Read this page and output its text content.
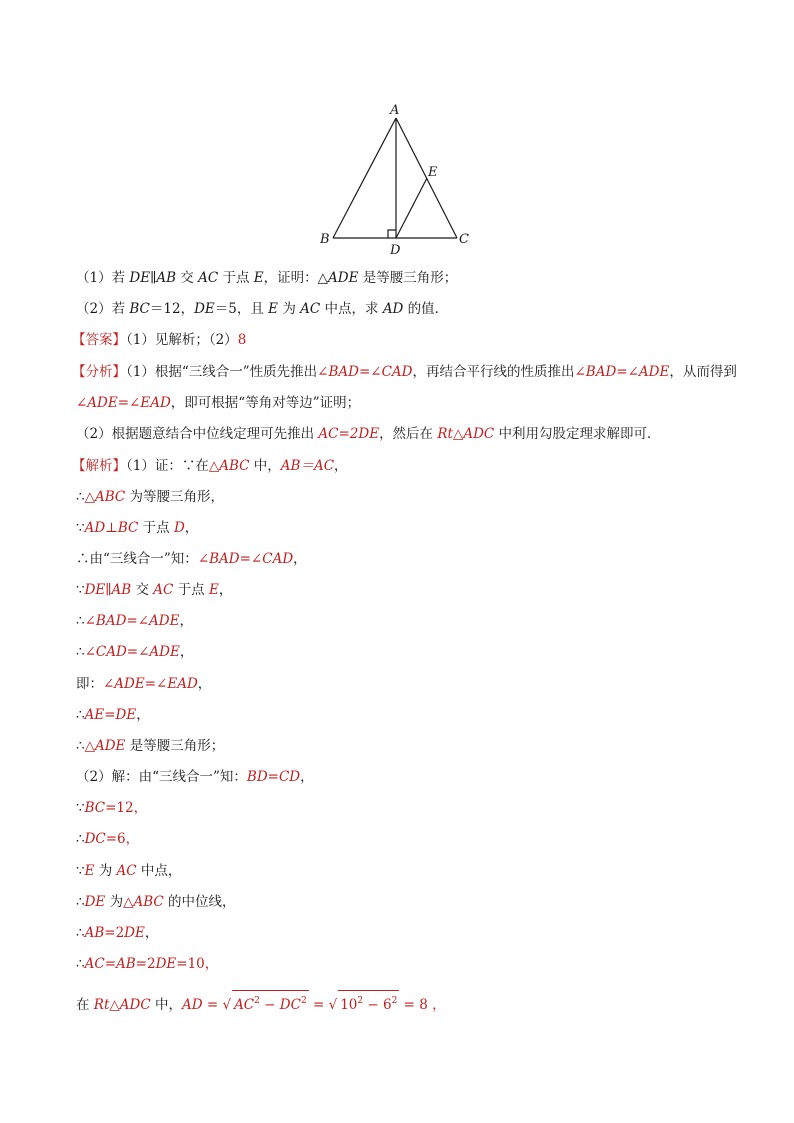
A
B	C
D
E
（1）若 DE∥AB 交 AC 于点 E，证明：△ADE 是等腰三角形；
（2）若 BC＝12，DE＝5，且 E 为 AC 中点，求 AD 的值．
【答案】（1）见解析；（2）8
【分析】（1）根据“三线合一”性质先推出∠BAD=∠CAD，再结合平行线的性质推出∠BAD=∠ADE，从而得到
∠ADE=∠EAD，即可根据“等角对等边”证明；
（2）根据题意结合中位线定理可先推出 AC=2DE，然后在 Rt△ADC 中利用勾股定理求解即可．
【解析】（1）证：∵在△ABC 中，AB＝AC，
∴△ABC 为等腰三角形，
∵AD⊥BC 于点 D，
∴由“三线合一”知：∠BAD=∠CAD，
∵DE∥AB 交 AC 于点 E，
∴∠BAD=∠ADE，
∴∠CAD=∠ADE，
即：∠ADE=∠EAD，
∴AE=DE，
∴△ADE 是等腰三角形；
（2）解：由“三线合一”知：BD=CD，
∵BC=12，
∴DC=6，
∵E 为 AC 中点，
∴DE 为△ABC 的中位线，
∴AB=2DE，
∴AC=AB=2DE=10，
在 Rt△ADC 中，AD = √ $AC^2 - DC^2$ = √ $10^2 - 6^2 = 8$ ，
